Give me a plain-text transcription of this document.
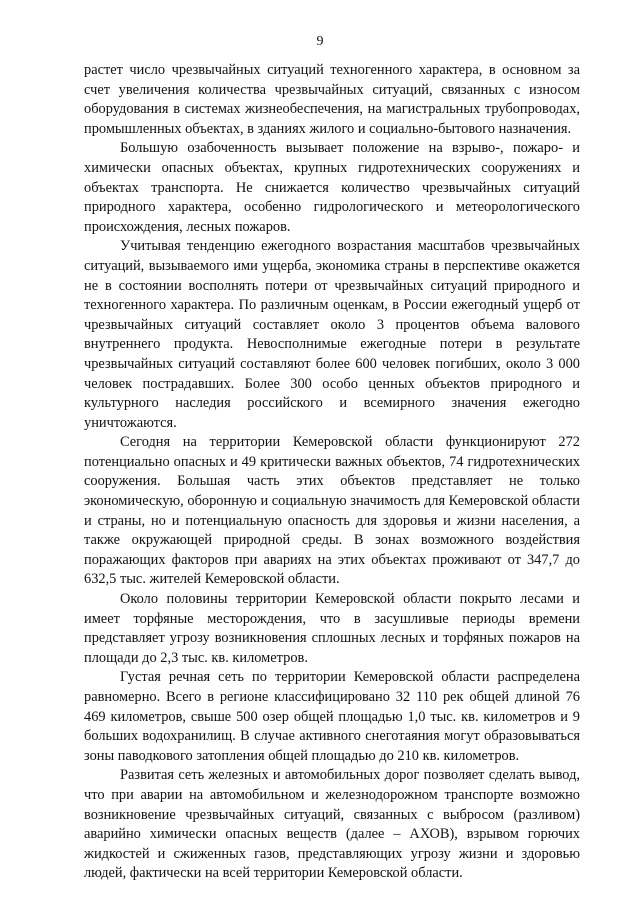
9

растет число чрезвычайных ситуаций техногенного характера, в основном за счет увеличения количества чрезвычайных ситуаций, связанных с износом оборудования в системах жизнеобеспечения, на магистральных трубопроводах, промышленных объектах, в зданиях жилого и социально-бытового назначения.

Большую озабоченность вызывает положение на взрыво-, пожаро- и химически опасных объектах, крупных гидротехнических сооружениях и объектах транспорта. Не снижается количество чрезвычайных ситуаций природного характера, особенно гидрологического и метеорологического происхождения, лесных пожаров.

Учитывая тенденцию ежегодного возрастания масштабов чрезвычайных ситуаций, вызываемого ими ущерба, экономика страны в перспективе окажется не в состоянии восполнять потери от чрезвычайных ситуаций природного и техногенного характера. По различным оценкам, в России ежегодный ущерб от чрезвычайных ситуаций составляет около 3 процентов объема валового внутреннего продукта. Невосполнимые ежегодные потери в результате чрезвычайных ситуаций составляют более 600 человек погибших, около 3 000 человек пострадавших. Более 300 особо ценных объектов природного и культурного наследия российского и всемирного значения ежегодно уничтожаются.

Сегодня на территории Кемеровской области функционируют 272 потенциально опасных и 49 критически важных объектов, 74 гидротехнических сооружения. Большая часть этих объектов представляет не только экономическую, оборонную и социальную значимость для Кемеровской области и страны, но и потенциальную опасность для здоровья и жизни населения, а также окружающей природной среды. В зонах возможного воздействия поражающих факторов при авариях на этих объектах проживают от 347,7 до 632,5 тыс. жителей Кемеровской области.

Около половины территории Кемеровской области покрыто лесами и имеет торфяные месторождения, что в засушливые периоды времени представляет угрозу возникновения сплошных лесных и торфяных пожаров на площади до 2,3 тыс. кв. километров.

Густая речная сеть по территории Кемеровской области распределена равномерно. Всего в регионе классифицировано 32 110 рек общей длиной 76 469 километров, свыше 500 озер общей площадью 1,0 тыс. кв. километров и 9 больших водохранилищ. В случае активного снеготаяния могут образовываться зоны паводкового затопления общей площадью до 210 кв. километров.

Развитая сеть железных и автомобильных дорог позволяет сделать вывод, что при аварии на автомобильном и железнодорожном транспорте возможно возникновение чрезвычайных ситуаций, связанных с выбросом (разливом) аварийно химически опасных веществ (далее – АХОВ), взрывом горючих жидкостей и сжиженных газов, представляющих угрозу жизни и здоровью людей, фактически на всей территории Кемеровской области.
